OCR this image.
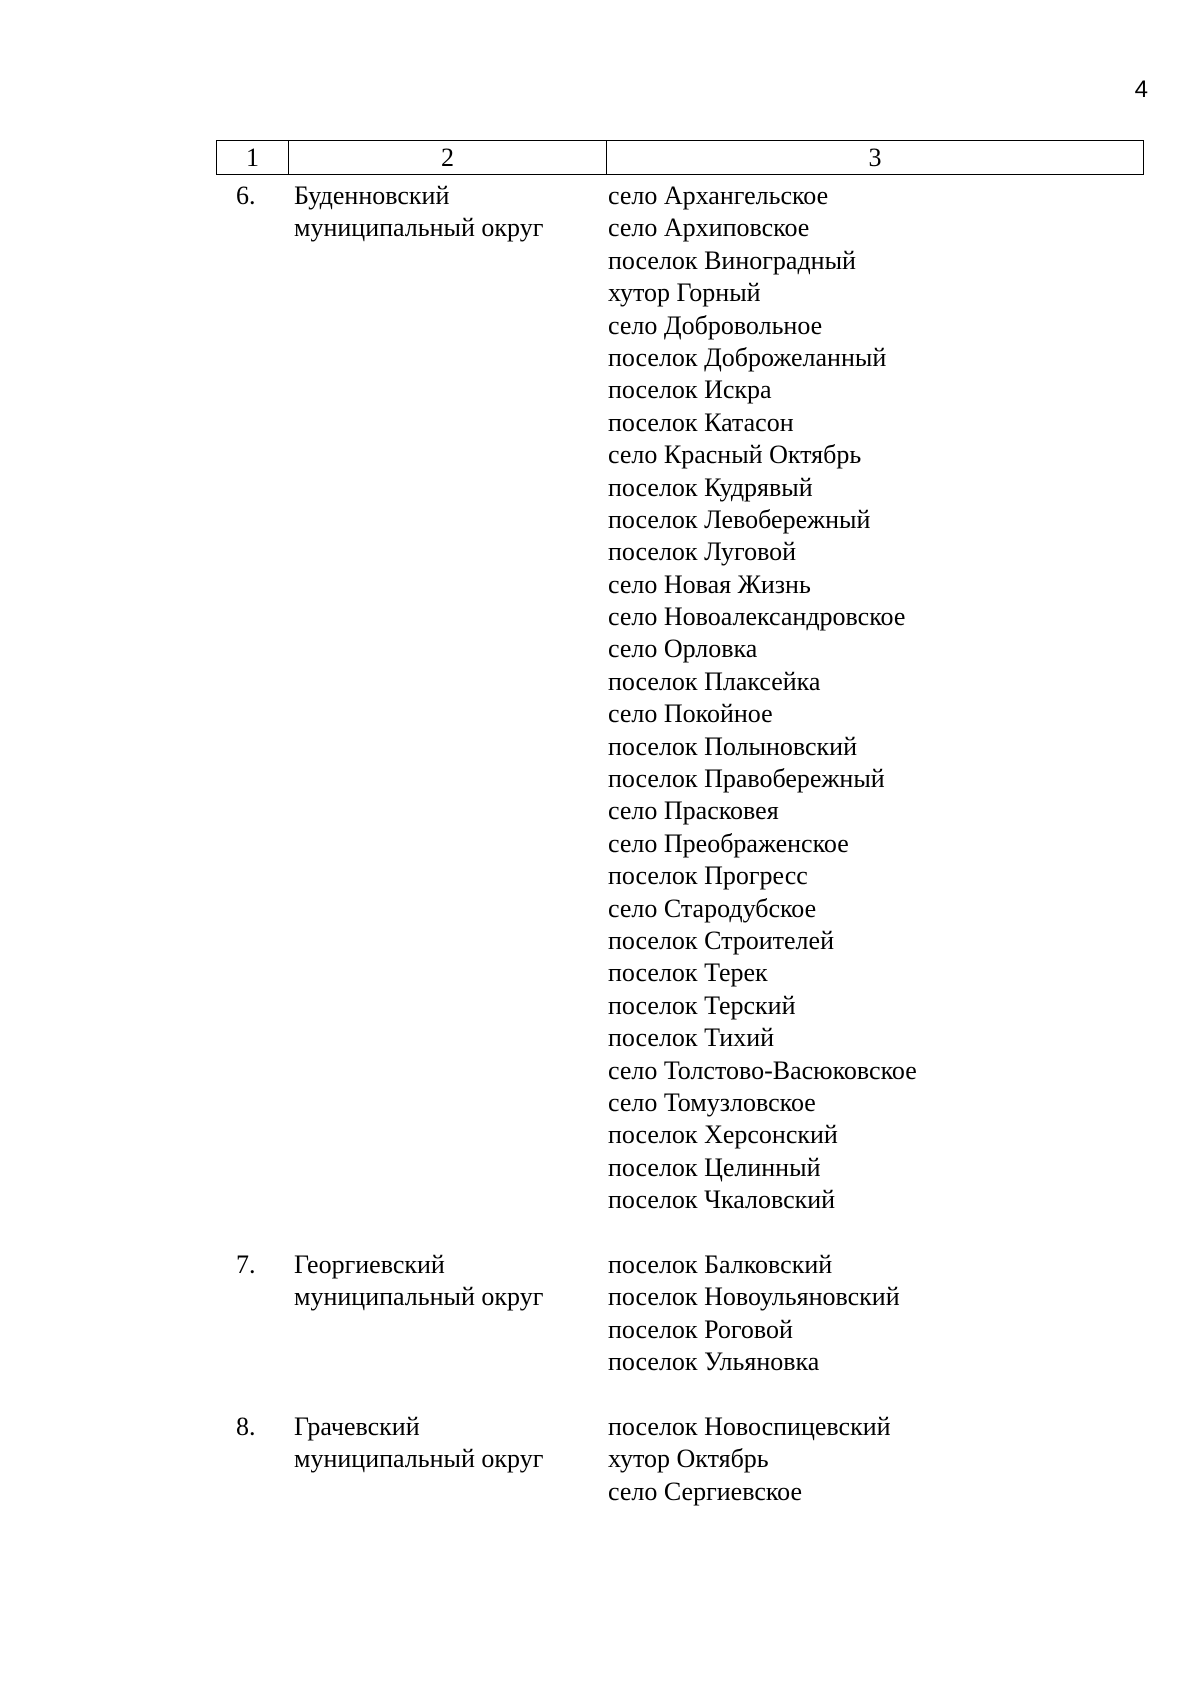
4
1	2	3
6. Буденновский
муниципальный округ
село Архангельское
село Архиповское
поселок Виноградный
хутор Горный
село Добровольное
поселок Доброжеланный
поселок Искра
поселок Катасон
село Красный Октябрь
поселок Кудрявый
поселок Левобережный
поселок Луговой
село Новая Жизнь
село Новоалександровское
село Орловка
поселок Плаксейка
село Покойное
поселок Полыновский
поселок Правобережный
село Прасковея
село Преображенское
поселок Прогресс
село Стародубское
поселок Строителей
поселок Терек
поселок Терский
поселок Тихий
село Толстово-Васюковское
село Томузловское
поселок Херсонский
поселок Целинный
поселок Чкаловский
7. Георгиевский
муниципальный округ
поселок Балковский
поселок Новоульяновский
поселок Роговой
поселок Ульяновка
8. Грачевский
муниципальный округ
поселок Новоспицевский
хутор Октябрь
село Сергиевское
